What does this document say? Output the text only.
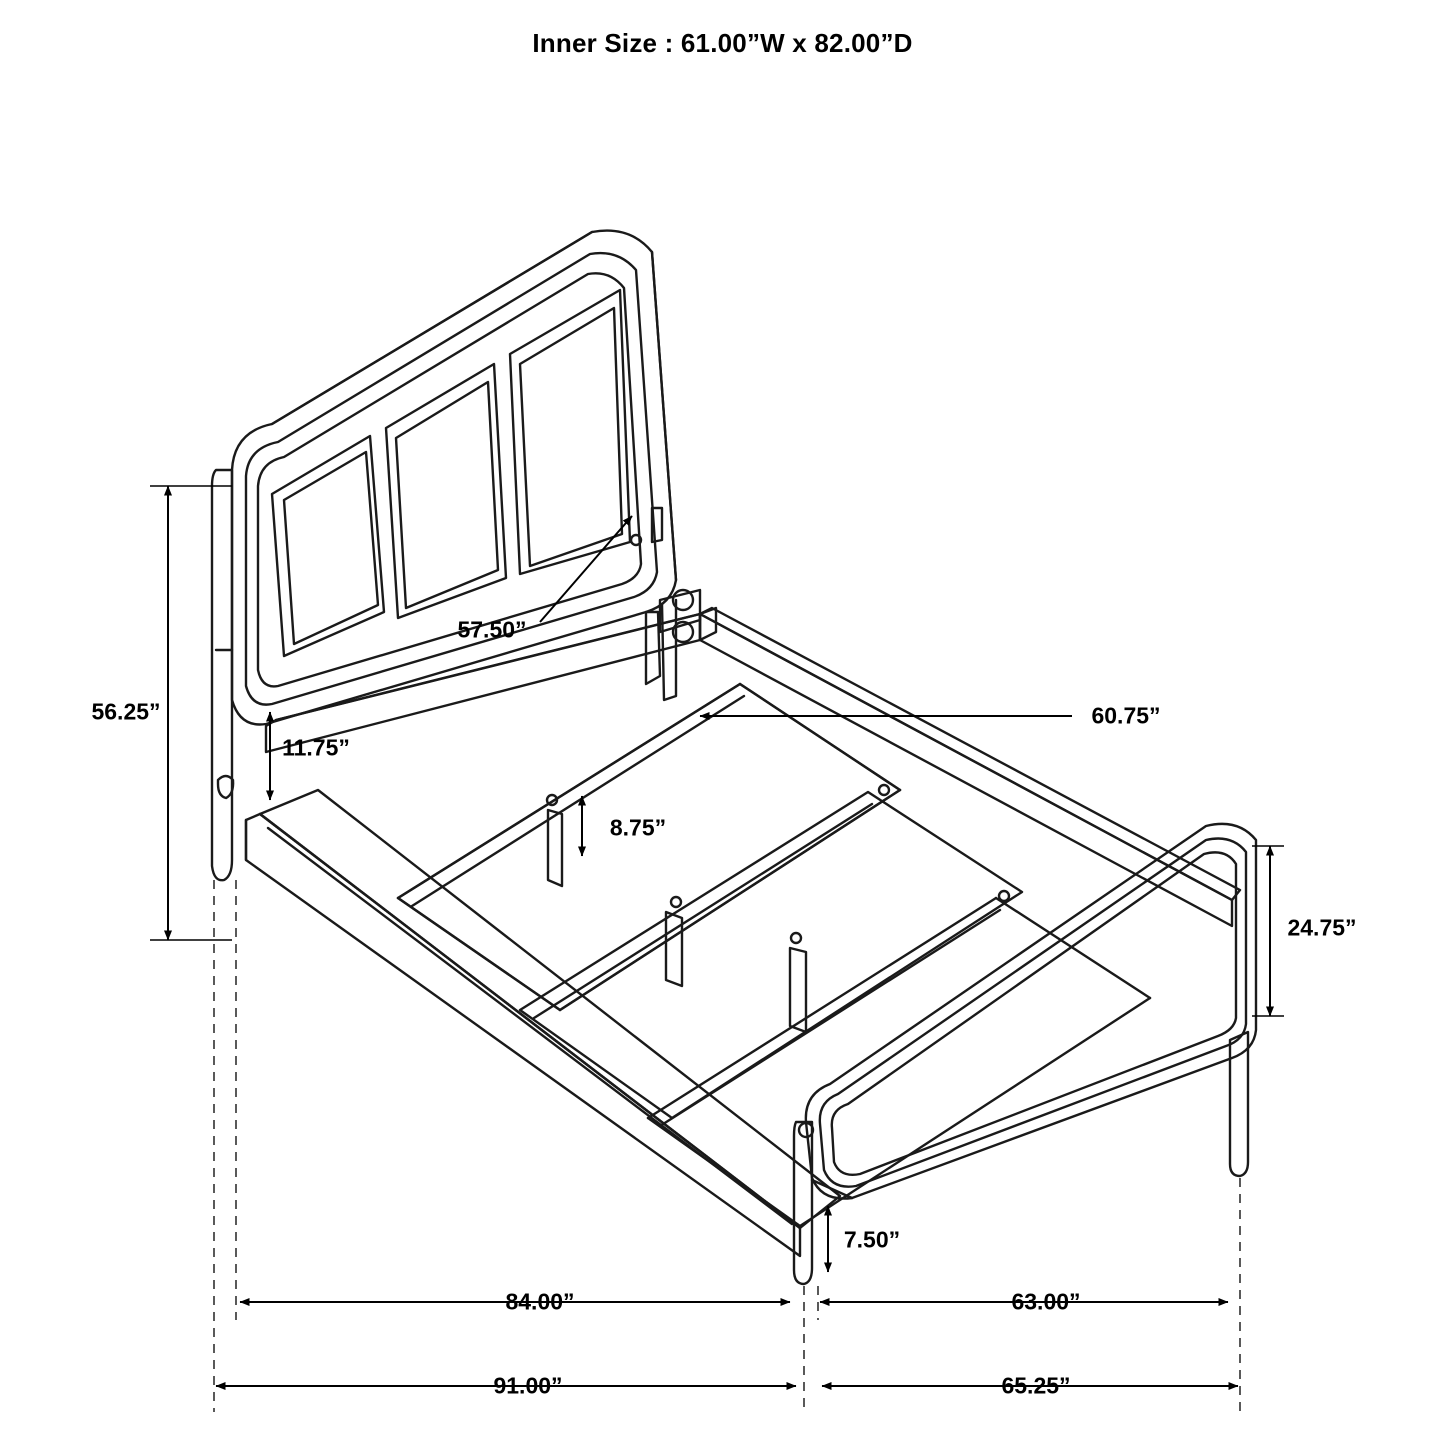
Inner Size : 61.00”W x 82.00”D
56.25”
57.50”
11.75”
8.75”
60.75”
24.75”
7.50”
84.00”	63.00”
91.00”	65.25”
